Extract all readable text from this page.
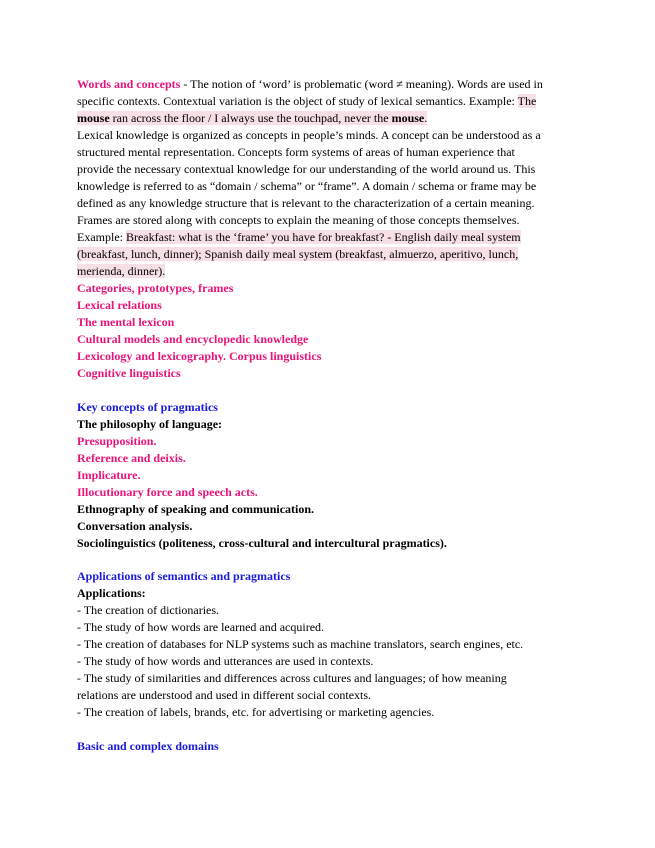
Words and concepts - The notion of ‘word’ is problematic (word ≠ meaning). Words are used in
specific contexts. Contextual variation is the object of study of lexical semantics. Example: The
mouse ran across the floor / I always use the touchpad, never the mouse.
Lexical knowledge is organized as concepts in people’s minds. A concept can be understood as a
structured mental representation. Concepts form systems of areas of human experience that
provide the necessary contextual knowledge for our understanding of the world around us. This
knowledge is referred to as “domain / schema” or “frame”. A domain / schema or frame may be
defined as any knowledge structure that is relevant to the characterization of a certain meaning.
Frames are stored along with concepts to explain the meaning of those concepts themselves.
Example: Breakfast: what is the ‘frame’ you have for breakfast? - English daily meal system
(breakfast, lunch, dinner); Spanish daily meal system (breakfast, almuerzo, aperitivo, lunch,
merienda, dinner).
Categories, prototypes, frames
Lexical relations
The mental lexicon
Cultural models and encyclopedic knowledge
Lexicology and lexicography. Corpus linguistics
Cognitive linguistics
Key concepts of pragmatics
The philosophy of language:
Presupposition.
Reference and deixis.
Implicature.
Illocutionary force and speech acts.
Ethnography of speaking and communication.
Conversation analysis.
Sociolinguistics (politeness, cross-cultural and intercultural pragmatics).
Applications of semantics and pragmatics
Applications:
- The creation of dictionaries.
- The study of how words are learned and acquired.
- The creation of databases for NLP systems such as machine translators, search engines, etc.
- The study of how words and utterances are used in contexts.
- The study of similarities and differences across cultures and languages; of how meaning
relations are understood and used in different social contexts.
- The creation of labels, brands, etc. for advertising or marketing agencies.
Basic and complex domains
